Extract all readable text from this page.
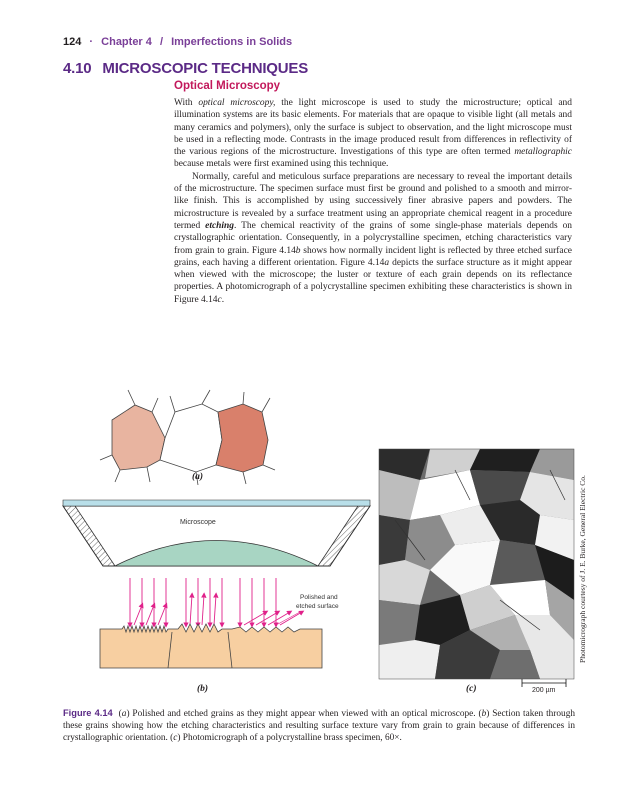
124 · Chapter 4 / Imperfections in Solids
4.10 MICROSCOPIC TECHNIQUES
Optical Microscopy

With optical microscopy, the light microscope is used to study the microstructure; optical and illumination systems are its basic elements. For materials that are opaque to visible light (all metals and many ceramics and polymers), only the surface is subject to observation, and the light microscope must be used in a reflecting mode. Contrasts in the image produced result from differences in reflectivity of the various regions of the microstructure. Investigations of this type are often termed metallographic because metals were first examined using this technique.

Normally, careful and meticulous surface preparations are necessary to reveal the important details of the microstructure. The specimen surface must first be ground and polished to a smooth and mirror-like finish. This is accomplished by using successively finer abrasive papers and powders. The microstructure is revealed by a surface treatment using an appropriate chemical reagent in a procedure termed etching. The chemical reactivity of the grains of some single-phase materials depends on crystallographic orientation. Consequently, in a polycrystalline specimen, etching characteristics vary from grain to grain. Figure 4.14b shows how normally incident light is reflected by three etched surface grains, each having a different orientation. Figure 4.14a depicts the surface structure as it might appear when viewed with the microscope; the luster or texture of each grain depends on its reflectance properties. A photomicrograph of a polycrystalline specimen exhibiting these characteristics is shown in Figure 4.14c.

(a)
Microscope
Polished and
etched surface
(b)	(c)	200 µm
Photomicrograph courtesy of J. E. Burke, General Electric Co.
Figure 4.14 (a) Polished and etched grains as they might appear when viewed with an optical microscope. (b) Section taken through these grains showing how the etching characteristics and resulting surface texture vary from grain to grain because of differences in crystallographic orientation. (c) Photomicrograph of a polycrystalline brass specimen, 60×.
